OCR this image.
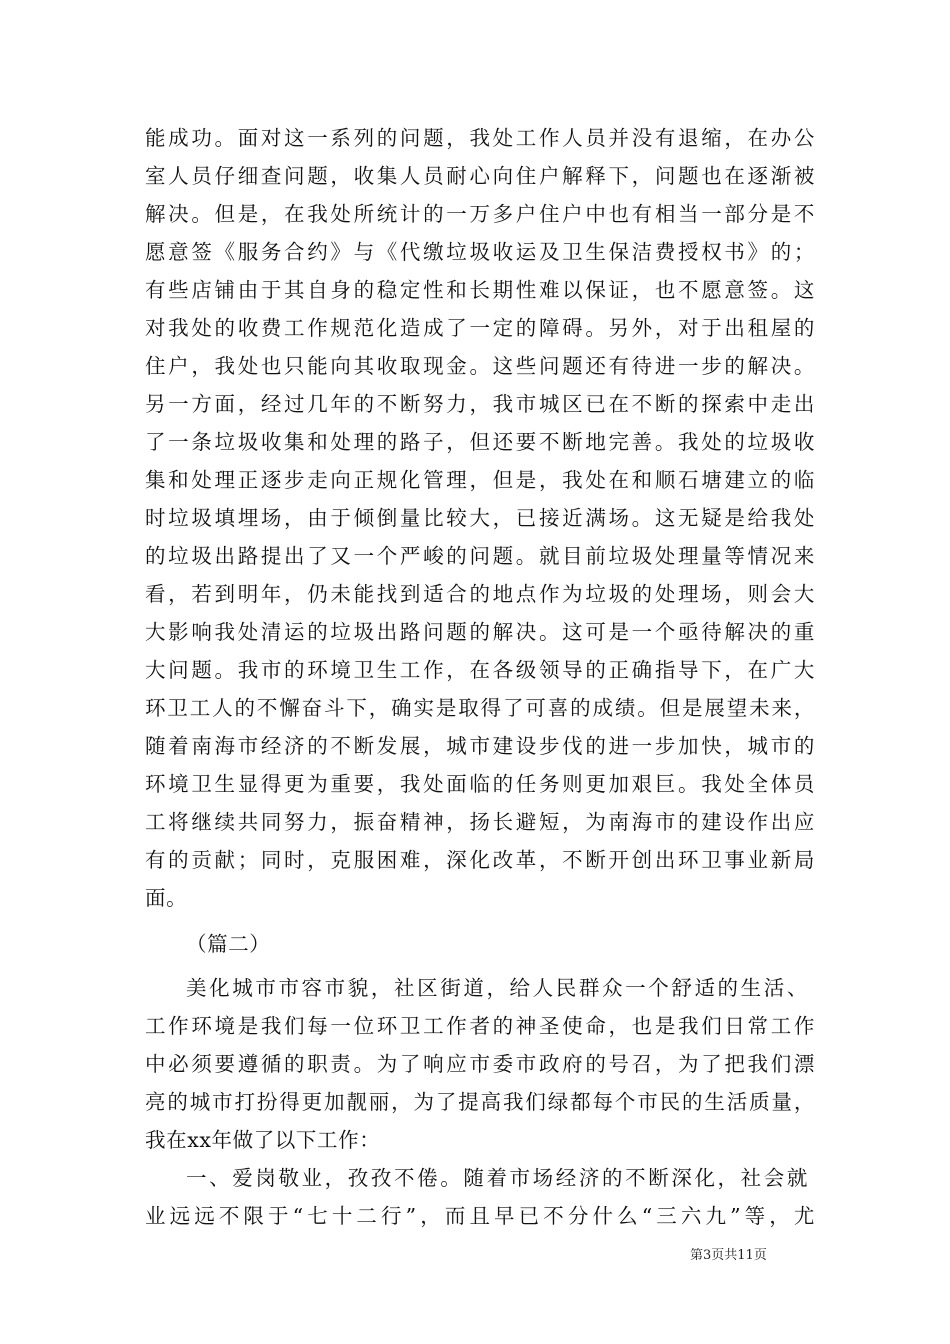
能成功。面对这一系列的问题，我处工作人员并没有退缩，在办公
室人员仔细查问题，收集人员耐心向住户解释下，问题也在逐渐被
解决。但是，在我处所统计的一万多户住户中也有相当一部分是不
愿意签《服务合约》与《代缴垃圾收运及卫生保洁费授权书》的；
有些店铺由于其自身的稳定性和长期性难以保证，也不愿意签。这
对我处的收费工作规范化造成了一定的障碍。另外，对于出租屋的
住户，我处也只能向其收取现金。这些问题还有待进一步的解决。
另一方面，经过几年的不断努力，我市城区已在不断的探索中走出
了一条垃圾收集和处理的路子，但还要不断地完善。我处的垃圾收
集和处理正逐步走向正规化管理，但是，我处在和顺石塘建立的临
时垃圾填埋场，由于倾倒量比较大，已接近满场。这无疑是给我处
的垃圾出路提出了又一个严峻的问题。就目前垃圾处理量等情况来
看，若到明年，仍未能找到适合的地点作为垃圾的处理场，则会大
大影响我处清运的垃圾出路问题的解决。这可是一个亟待解决的重
大问题。我市的环境卫生工作，在各级领导的正确指导下，在广大
环卫工人的不懈奋斗下，确实是取得了可喜的成绩。但是展望未来，
随着南海市经济的不断发展，城市建设步伐的进一步加快，城市的
环境卫生显得更为重要，我处面临的任务则更加艰巨。我处全体员
工将继续共同努力，振奋精神，扬长避短，为南海市的建设作出应
有的贡献；同时，克服困难，深化改革，不断开创出环卫事业新局
面。
（篇二）
美化城市市容市貌，社区街道，给人民群众一个舒适的生活、
工作环境是我们每一位环卫工作者的神圣使命，也是我们日常工作
中必须要遵循的职责。为了响应市委市政府的号召，为了把我们漂
亮的城市打扮得更加靓丽，为了提高我们绿都每个市民的生活质量，
我在xx年做了以下工作：
一、爱岗敬业，孜孜不倦。随着市场经济的不断深化，社会就
业远远不限于“七十二行”，而且早已不分什么“三六九”等，尤
第3页共11页
